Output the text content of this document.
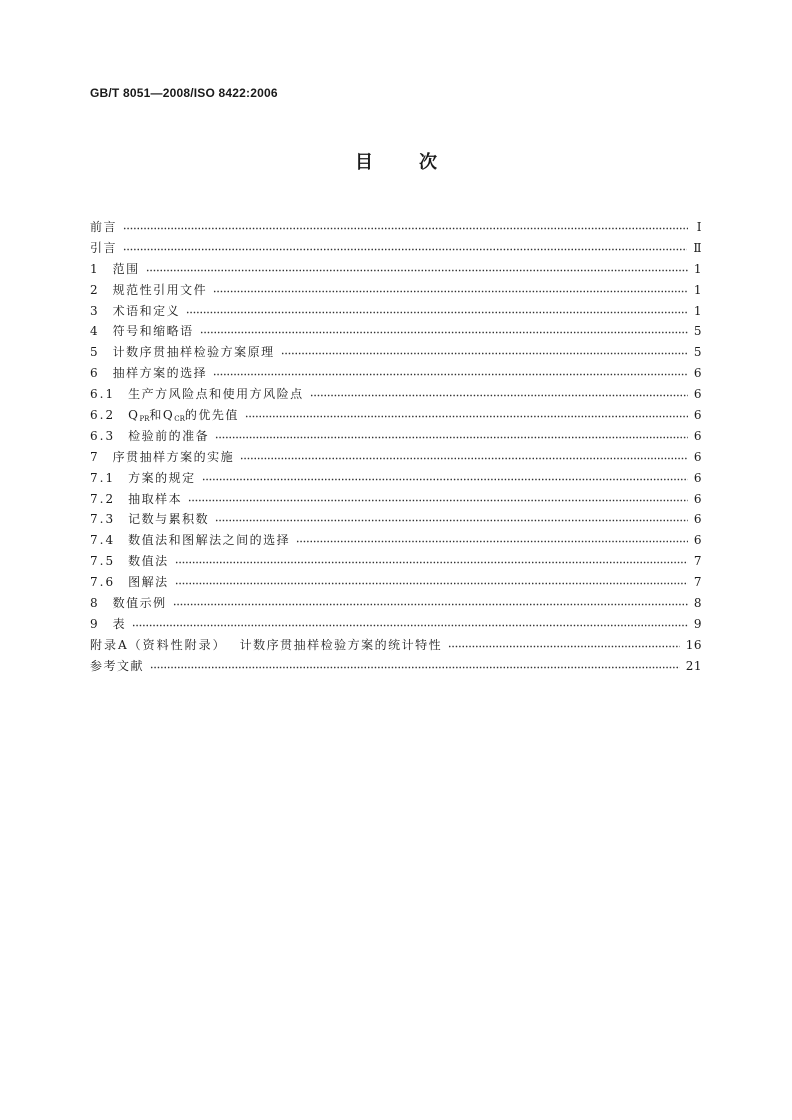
GB/T 8051—2008/ISO 8422:2006
目次
前言	Ⅰ
引言	Ⅱ
1 范围	1
2 规范性引用文件	1
3 术语和定义	1
4 符号和缩略语	5
5 计数序贯抽样检验方案原理	5
6 抽样方案的选择	6
6.1 生产方风险点和使用方风险点	6
6.2 $Q_{PR}$和$Q_{CR}$的优先值	6
6.3 检验前的准备	6
7 序贯抽样方案的实施	6
7.1 方案的规定	6
7.2 抽取样本	6
7.3 记数与累积数	6
7.4 数值法和图解法之间的选择	6
7.5 数值法	7
7.6 图解法	7
8 数值示例	8
9 表	9
附录A（资料性附录） 计数序贯抽样检验方案的统计特性	16
参考文献	21
